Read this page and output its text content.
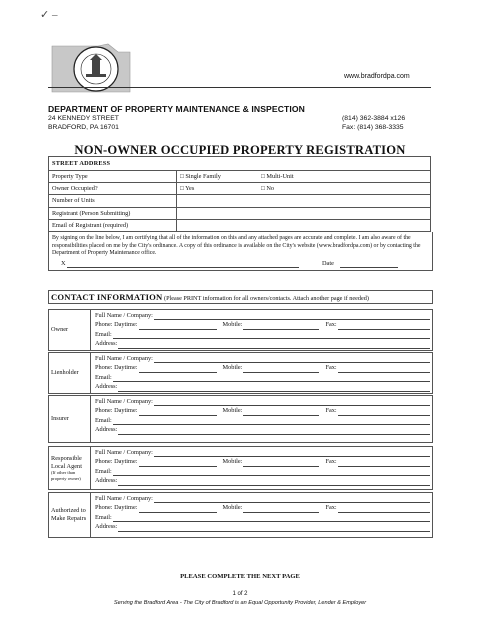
✓ –
www.bradfordpa.com
DEPARTMENT OF PROPERTY MAINTENANCE & INSPECTION
24 KENNEDY STREET
BRADFORD, PA 16701
(814) 362-3884 x126
Fax: (814) 368-3335
NON-OWNER OCCUPIED PROPERTY REGISTRATION
STREET ADDRESS		
Property Type	□ Single Family	□ Multi-Unit
Owner Occupied?	□ Yes	□ No
Number of Units		
Registrant (Person Submitting)		
Email of Registrant (required)		
By signing on the line below, I am certifying that all of the information on this and any attached pages are accurate and complete. I am also aware of the responsibilities placed on me by the City's ordinance. A copy of this ordinance is available on the City's website (www.bradfordpa.com) or by contacting the Department of Property Maintenance office.
X	Date
CONTACT INFORMATION (Please PRINT information for all owners/contacts. Attach another page if needed)
Owner
Full Name / Company:
Phone: Daytime:	Mobile:	Fax:
Email:
Address:
Lienholder
Full Name / Company:
Phone: Daytime:	Mobile:	Fax:
Email:
Address:
Insurer
Full Name / Company:
Phone: Daytime:	Mobile:	Fax:
Email:
Address:
Responsible Local Agent
(If other than property owner)
Full Name / Company:
Phone: Daytime:	Mobile:	Fax:
Email:
Address:
Authorized to Make Repairs
Full Name / Company:
Phone: Daytime:	Mobile:	Fax:
Email:
Address:
PLEASE COMPLETE THE NEXT PAGE
1 of 2
Serving the Bradford Area - The City of Bradford is an Equal Opportunity Provider, Lender & Employer
